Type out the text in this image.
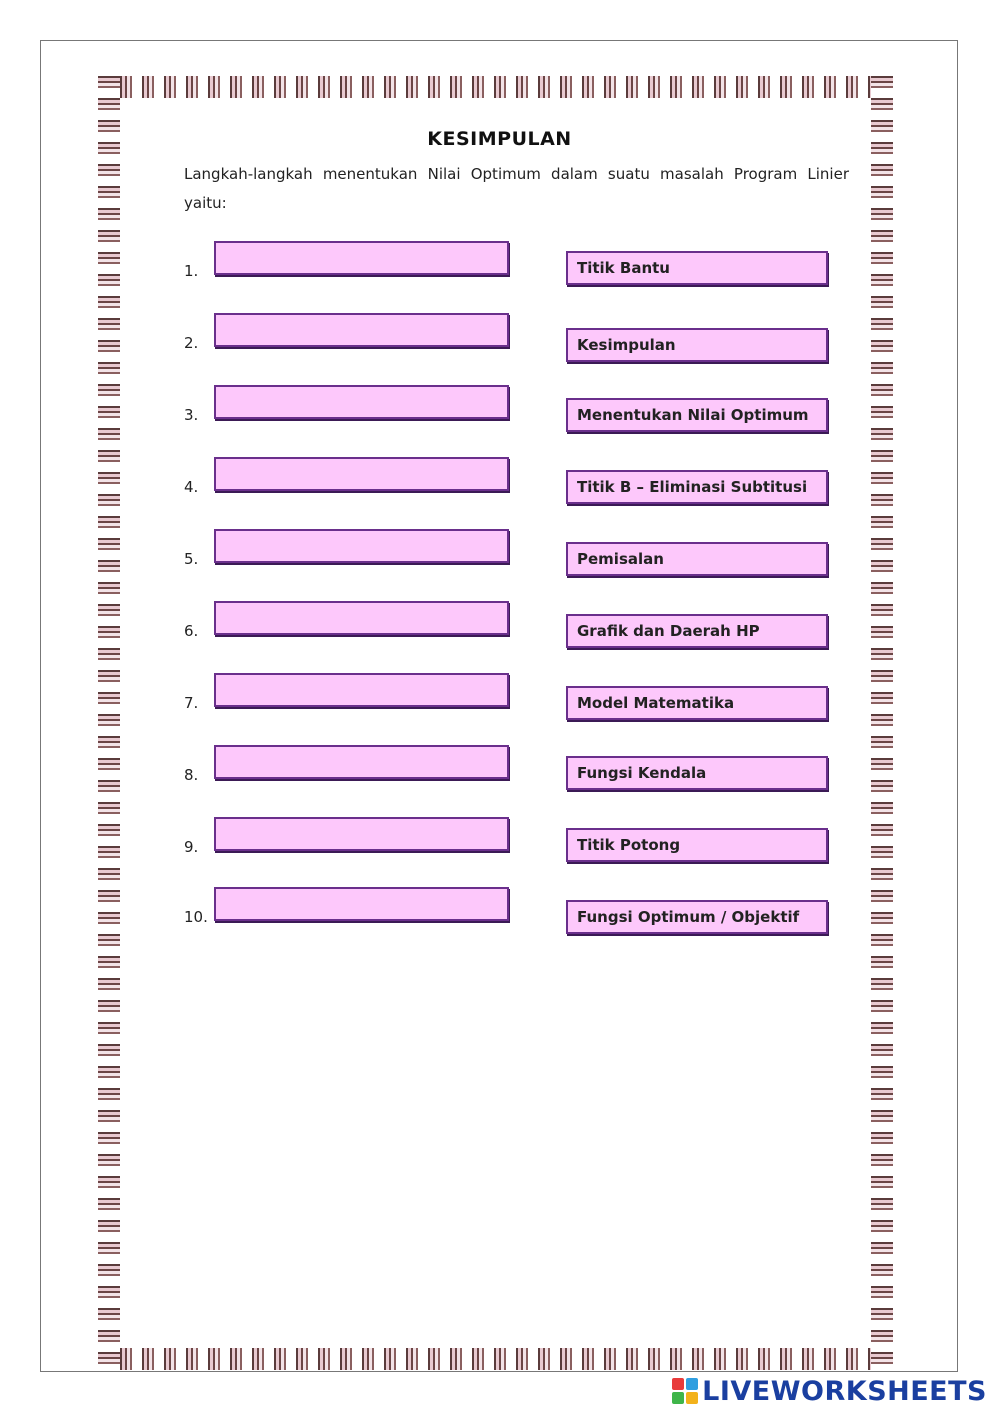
KESIMPULAN
Langkah-langkah menentukan Nilai Optimum dalam suatu masalah Program Linier yaitu:
1.
2.
3.
4.
5.
6.
7.
8.
9.
10.
Titik Bantu
Kesimpulan
Menentukan Nilai Optimum
Titik B – Eliminasi Subtitusi
Pemisalan
Grafik dan Daerah HP
Model Matematika
Fungsi Kendala
Titik Potong
Fungsi Optimum / Objektif
LIVEWORKSHEETS
